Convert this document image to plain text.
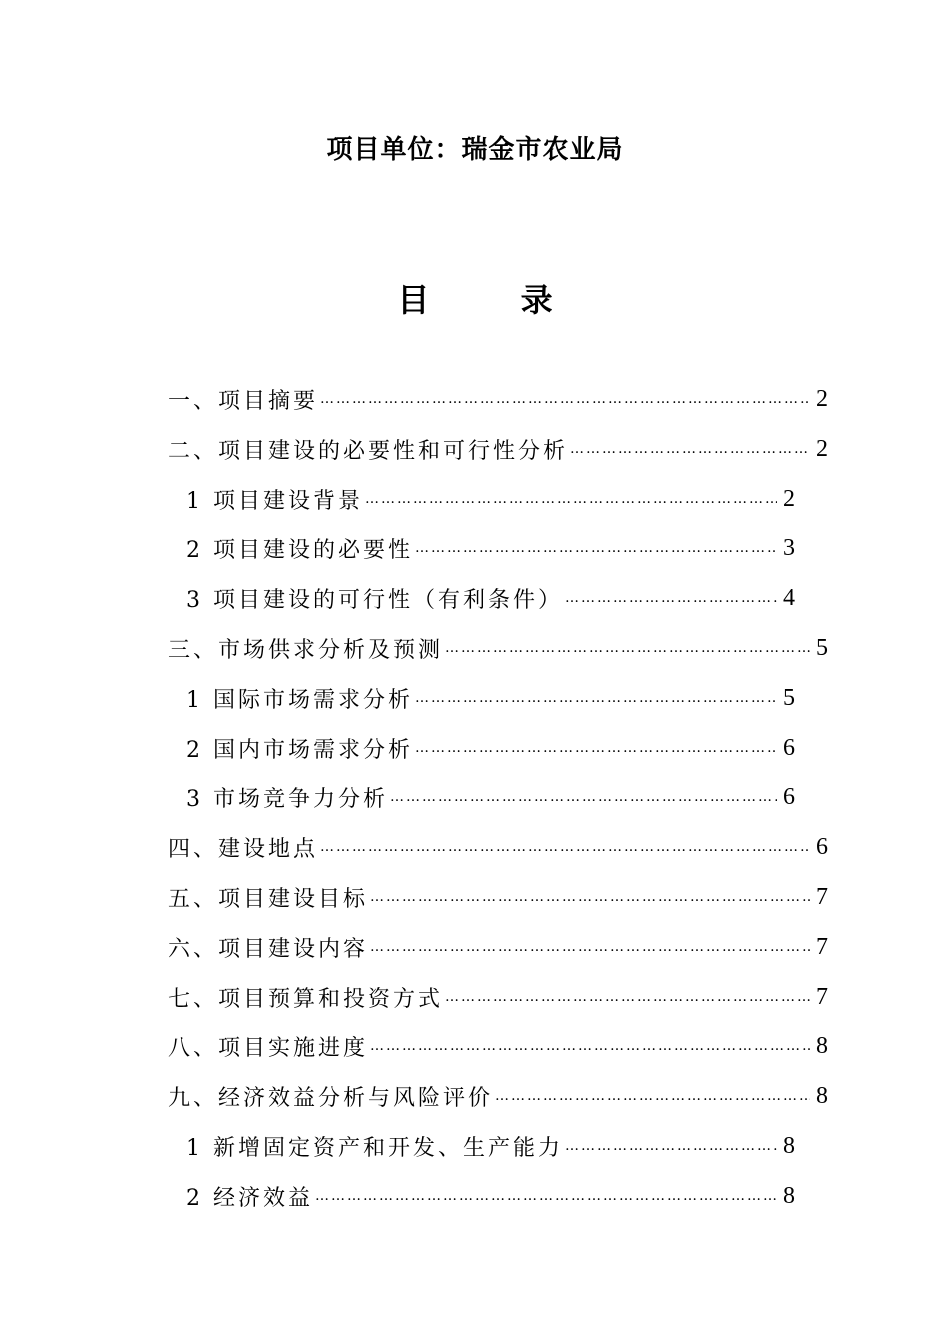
项目单位：瑞金市农业局
目 录
一、项目摘要 …………………………………………………………………………………………………………	2
二、项目建设的必要性和可行性分析 …………………………………………………………………………………………………………	2
1 项目建设背景 …………………………………………………………………………………………………………	2
2 项目建设的必要性 …………………………………………………………………………………………………………	3
3 项目建设的可行性（有利条件） …………………………………………………………………………………………………………	4
三、市场供求分析及预测 …………………………………………………………………………………………………………	5
1 国际市场需求分析 …………………………………………………………………………………………………………	5
2 国内市场需求分析 …………………………………………………………………………………………………………	6
3 市场竞争力分析 …………………………………………………………………………………………………………	6
四、建设地点 …………………………………………………………………………………………………………	6
五、项目建设目标 …………………………………………………………………………………………………………	7
六、项目建设内容 …………………………………………………………………………………………………………	7
七、项目预算和投资方式 …………………………………………………………………………………………………………	7
八、项目实施进度 …………………………………………………………………………………………………………	8
九、经济效益分析与风险评价 …………………………………………………………………………………………………………	8
1 新增固定资产和开发、生产能力 …………………………………………………………………………………………………………	8
2 经济效益 …………………………………………………………………………………………………………	8
